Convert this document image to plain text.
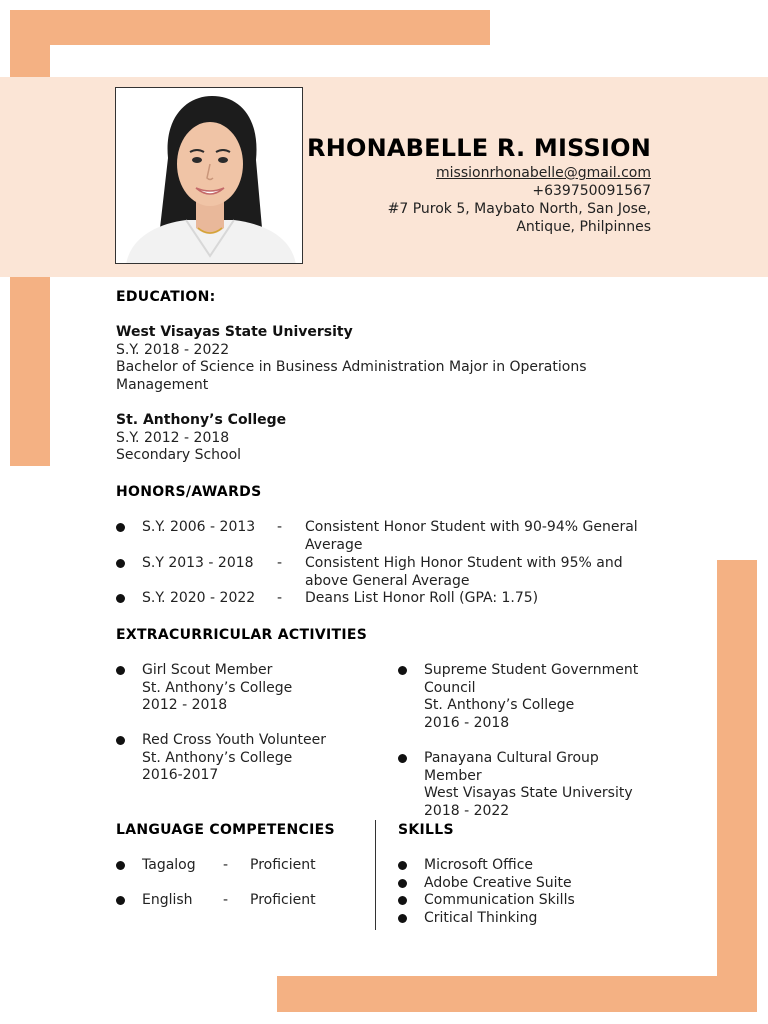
RHONABELLE R. MISSION
missionrhonabelle@gmail.com
+639750091567
#7 Purok 5, Maybato North, San Jose,
Antique, Philpinnes
EDUCATION:
West Visayas State University
S.Y. 2018 - 2022
Bachelor of Science in Business Administration Major in Operations
Management
St. Anthony’s College
S.Y. 2012 - 2018
Secondary School
HONORS/AWARDS
S.Y. 2006 - 2013 - Consistent Honor Student with 90-94% General Average
S.Y 2013 - 2018 - Consistent High Honor Student with 95% and above General Average
S.Y. 2020 - 2022 - Deans List Honor Roll (GPA: 1.75)
EXTRACURRICULAR ACTIVITIES
Girl Scout Member
St. Anthony’s College
2012 - 2018
Red Cross Youth Volunteer
St. Anthony’s College
2016-2017
Supreme Student Government
Council
St. Anthony’s College
2016 - 2018
Panayana Cultural Group Member
West Visayas State University
2018 - 2022
LANGUAGE COMPETENCIES
Tagalog - Proficient
English - Proficient
SKILLS
Microsoft Office
Adobe Creative Suite
Communication Skills
Critical Thinking
